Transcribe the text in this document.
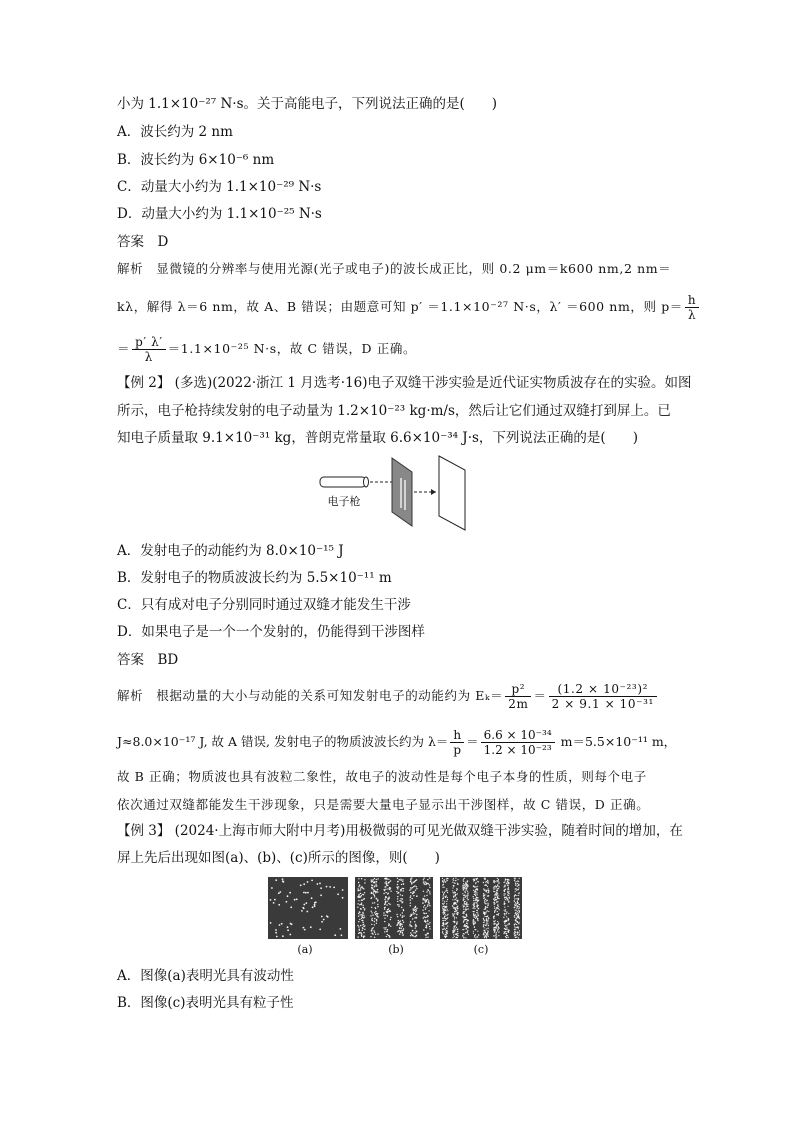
小为 1.1×10⁻²⁷ N·s。关于高能电子，下列说法正确的是(　　)
A．波长约为 2 nm
B．波长约为 6×10⁻⁶ nm
C．动量大小约为 1.1×10⁻²⁹ N·s
D．动量大小约为 1.1×10⁻²⁵ N·s
答案　D
解析　显微镜的分辨率与使用光源(光子或电子)的波长成正比，则 0.2 μm＝k600 nm,2 nm＝
kλ，解得 λ＝6 nm，故 A、B 错误；由题意可知 p′ ＝1.1×10⁻²⁷ N·s，λ′ ＝600 nm，则 $p= \frac{h}{\lambda}$
＝ $\frac{p' \lambda'}{\lambda} =1.1\times 10^{-25}$ N·s，故 C 错误，D 正确。
【例 2】 (多选)(2022·浙江 1 月选考·16)电子双缝干涉实验是近代证实物质波存在的实验。如图
所示，电子枪持续发射的电子动量为 1.2×10⁻²³ kg·m/s，然后让它们通过双缝打到屏上。已
知电子质量取 9.1×10⁻³¹ kg，普朗克常量取 6.6×10⁻³⁴ J·s，下列说法正确的是(　　)
电子枪
A．发射电子的动能约为 8.0×10⁻¹⁵ J
B．发射电子的物质波波长约为 5.5×10⁻¹¹ m
C．只有成对电子分别同时通过双缝才能发生干涉
D．如果电子是一个一个发射的，仍能得到干涉图样
答案　BD
解析　根据动量的大小与动能的关系可知发射电子的动能约为 $E_k= \frac{\text{p²}}{2m} = \frac{\text{(1.2 × 10⁻²³)²}}{\text{2 × 9.1 × 10⁻³¹}}$
J≈8.0×10⁻¹⁷ J, 故 A 错误, 发射电子的物质波波长约为 $\lambda= \frac{h}{p} = \frac{\text{6.6 × 10⁻³⁴}}{\text{1.2 × 10⁻²³}} m=5.5\times 10^{-11}$ m，
故 B 正确；物质波也具有波粒二象性，故电子的波动性是每个电子本身的性质，则每个电子
依次通过双缝都能发生干涉现象，只是需要大量电子显示出干涉图样，故 C 错误，D 正确。
【例 3】 (2024·上海市师大附中月考)用极微弱的可见光做双缝干涉实验，随着时间的增加，在
屏上先后出现如图(a)、(b)、(c)所示的图像，则(　　)
(a)	(b)	(c)
A．图像(a)表明光具有波动性
B．图像(c)表明光具有粒子性
